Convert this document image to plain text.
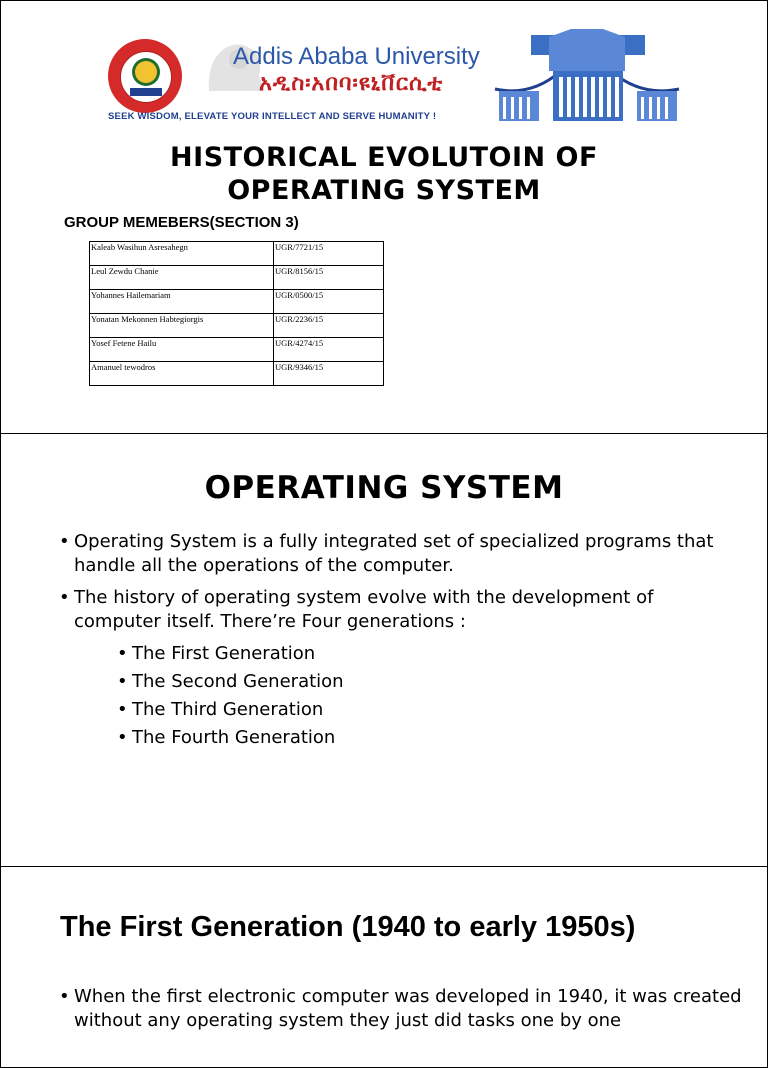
Addis Ababa University
አዲስ፡አበባ፡ዩኒቨርሲቲ
SEEK WISDOM, ELEVATE YOUR INTELLECT AND SERVE HUMANITY !
HISTORICAL EVOLUTOIN OF
OPERATING SYSTEM
GROUP MEMEBERS(SECTION 3)
Kaleab Wasihun Asresahegn	UGR/7721/15
Leul Zewdu Chanie	UGR/8156/15
Yohannes Hailemariam	UGR/0500/15
Yonatan Mekonnen Habtegiorgis	UGR/2236/15
Yosef Fetene Hailu	UGR/4274/15
Amanuel tewodros	UGR/9346/15
OPERATING SYSTEM
• Operating System is a fully integrated set of specialized programs that handle all the operations of the computer.
• The history of operating system evolve with the development of computer itself. There’re Four generations :
• The First Generation
• The Second Generation
• The Third Generation
• The Fourth Generation
The First Generation (1940 to early 1950s)
• When the first electronic computer was developed in 1940, it was created without any operating system they just did tasks one by one
